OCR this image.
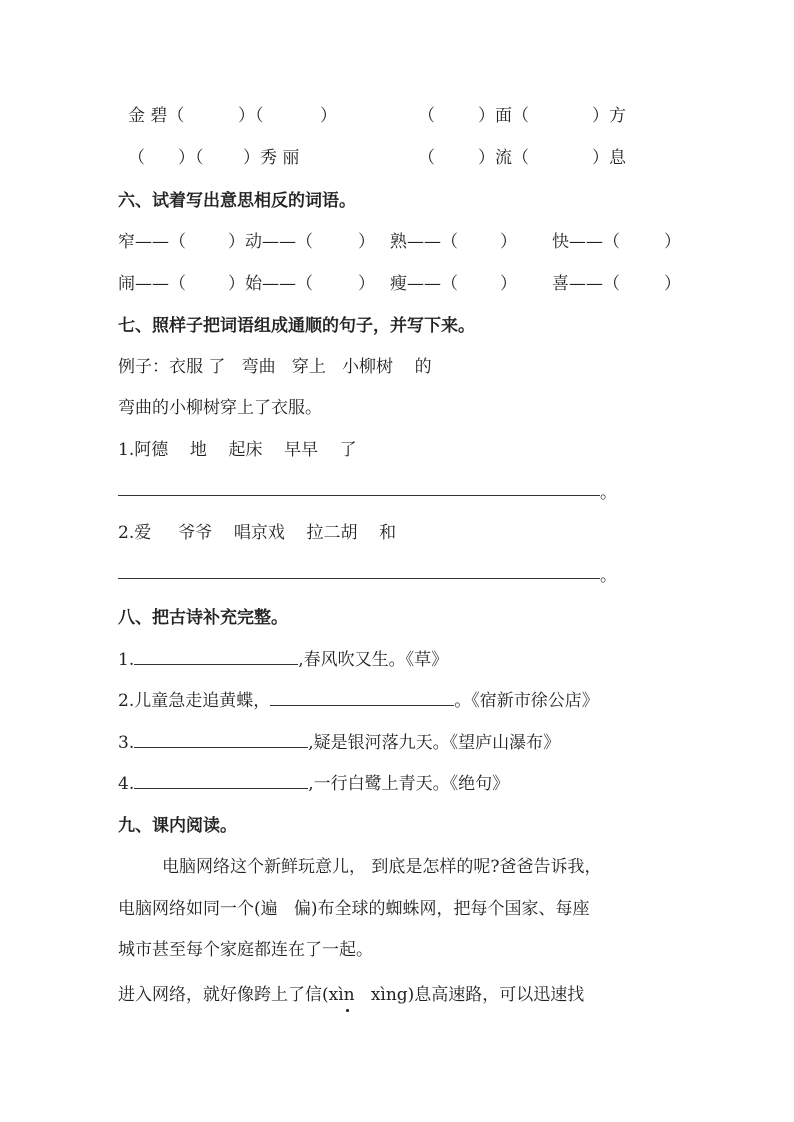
金 碧（	）（	）	（	）面（	）方
（ ）（ ）秀 丽	（	）流（	）息
六、试着写出意思相反的词语。
窄——（ ）动——（	） 熟——（ ） 快——（	）
闹——（ ）始——（	） 瘦——（ ） 喜——（	）
七、照样子把词语组成通顺的句子，并写下来。
例子：衣服 了   弯曲   穿上   小柳树    的
弯曲的小柳树穿上了衣服。
1.阿德    地    起床    早早    了
。
2.爱     爷爷    唱京戏    拉二胡    和
。
八、把古诗补充完整。
1.	,春风吹又生。《草》
2.儿童急走追黄蝶，	。《宿新市徐公店》
3.	,疑是银河落九天。《望庐山瀑布》
4.	,一行白鹭上青天。《绝句》
九、课内阅读。
电脑网络这个新鲜玩意儿， 到底是怎样的呢?爸爸告诉我，
电脑网络如同一个(遍   偏)布全球的蜘蛛网，把每个国家、每座
城市甚至每个家庭都连在了一起。
进入网络，就好像跨上了信(xìn   xìng)息高速路，可以迅速找
